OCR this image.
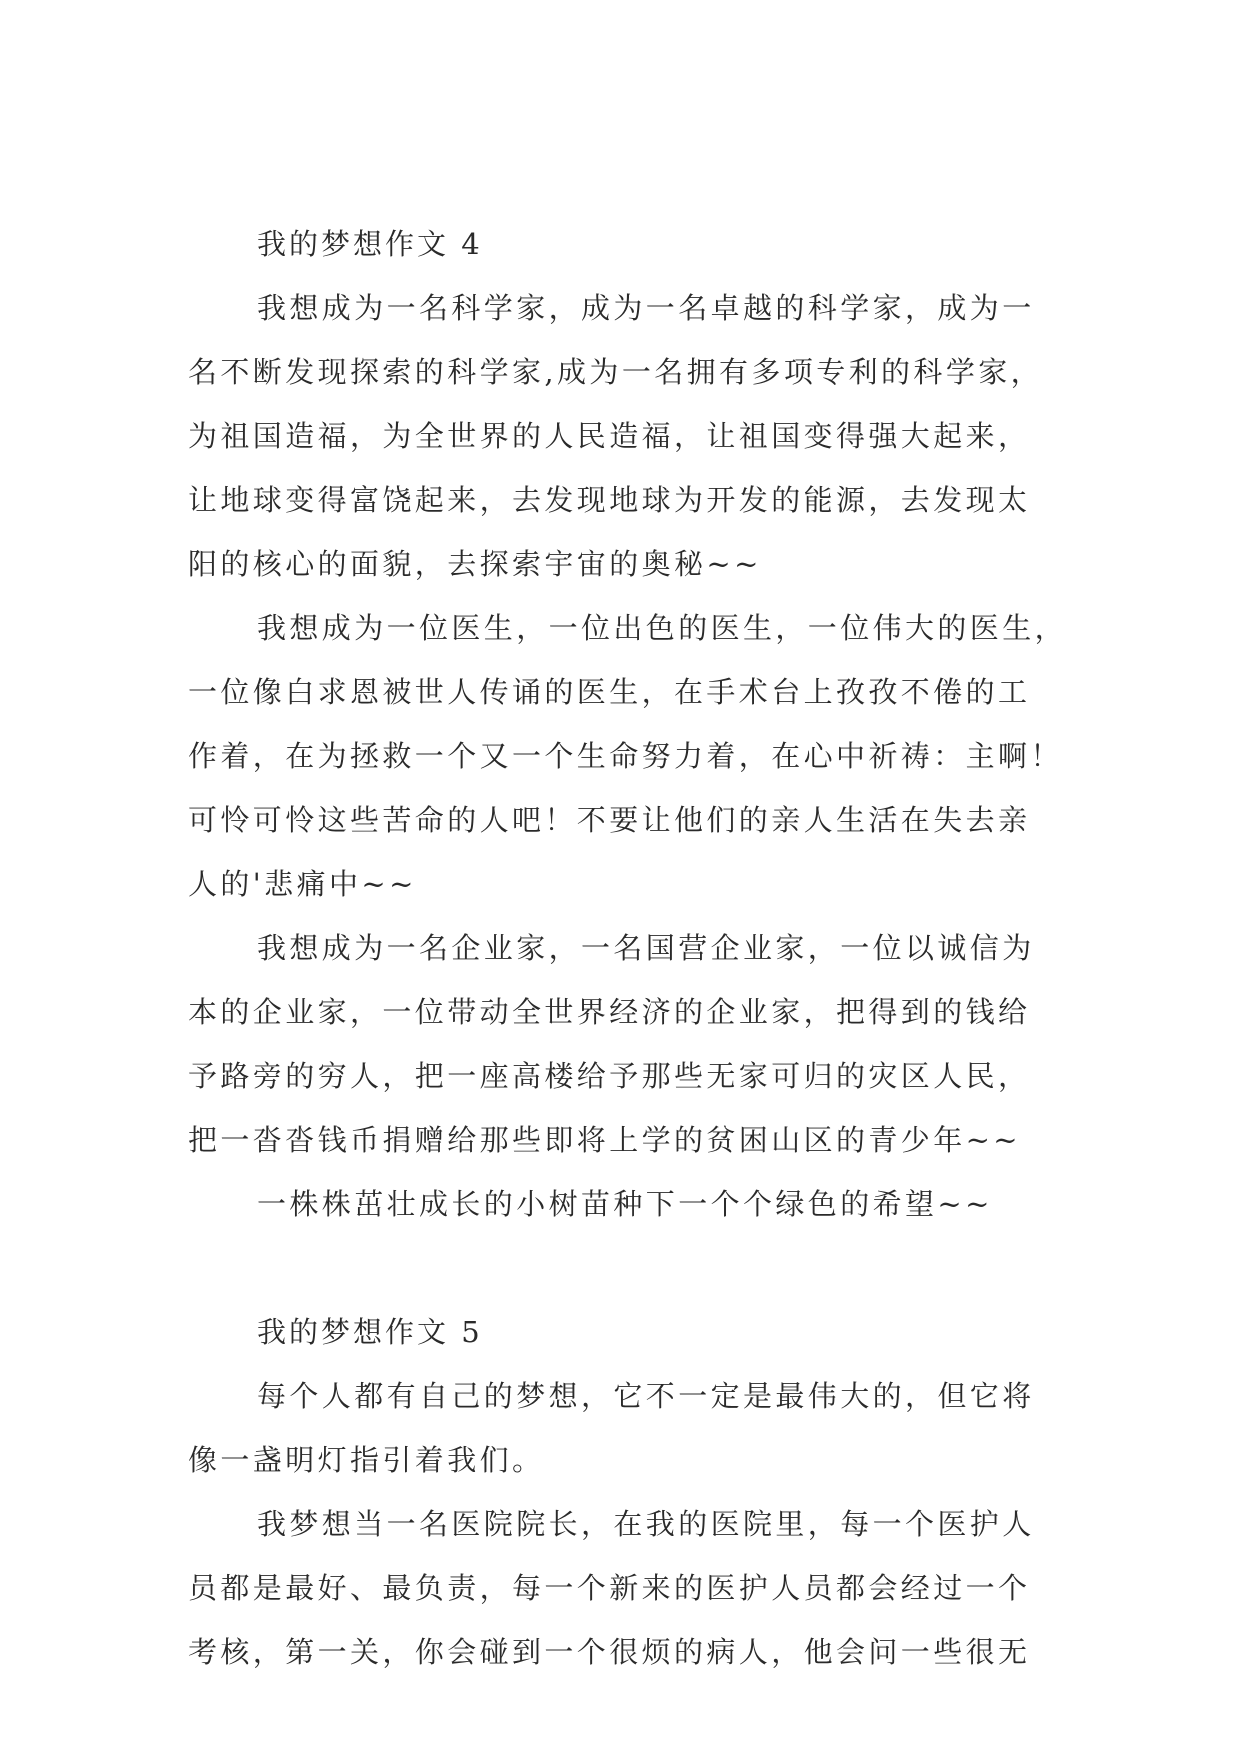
我的梦想作文 4
我想成为一名科学家，成为一名卓越的科学家，成为一
名不断发现探索的科学家,成为一名拥有多项专利的科学家，
为祖国造福，为全世界的人民造福，让祖国变得强大起来，
让地球变得富饶起来，去发现地球为开发的能源，去发现太
阳的核心的面貌，去探索宇宙的奥秘~~
我想成为一位医生，一位出色的医生，一位伟大的医生，
一位像白求恩被世人传诵的医生，在手术台上孜孜不倦的工
作着，在为拯救一个又一个生命努力着，在心中祈祷：主啊！
可怜可怜这些苦命的人吧！不要让他们的亲人生活在失去亲
人的'悲痛中~~
我想成为一名企业家，一名国营企业家，一位以诚信为
本的企业家，一位带动全世界经济的企业家，把得到的钱给
予路旁的穷人，把一座高楼给予那些无家可归的灾区人民，
把一沓沓钱币捐赠给那些即将上学的贫困山区的青少年~~
一株株茁壮成长的小树苗种下一个个绿色的希望~~
我的梦想作文 5
每个人都有自己的梦想，它不一定是最伟大的，但它将
像一盏明灯指引着我们。
我梦想当一名医院院长，在我的医院里，每一个医护人
员都是最好、最负责，每一个新来的医护人员都会经过一个
考核，第一关，你会碰到一个很烦的病人，他会问一些很无
